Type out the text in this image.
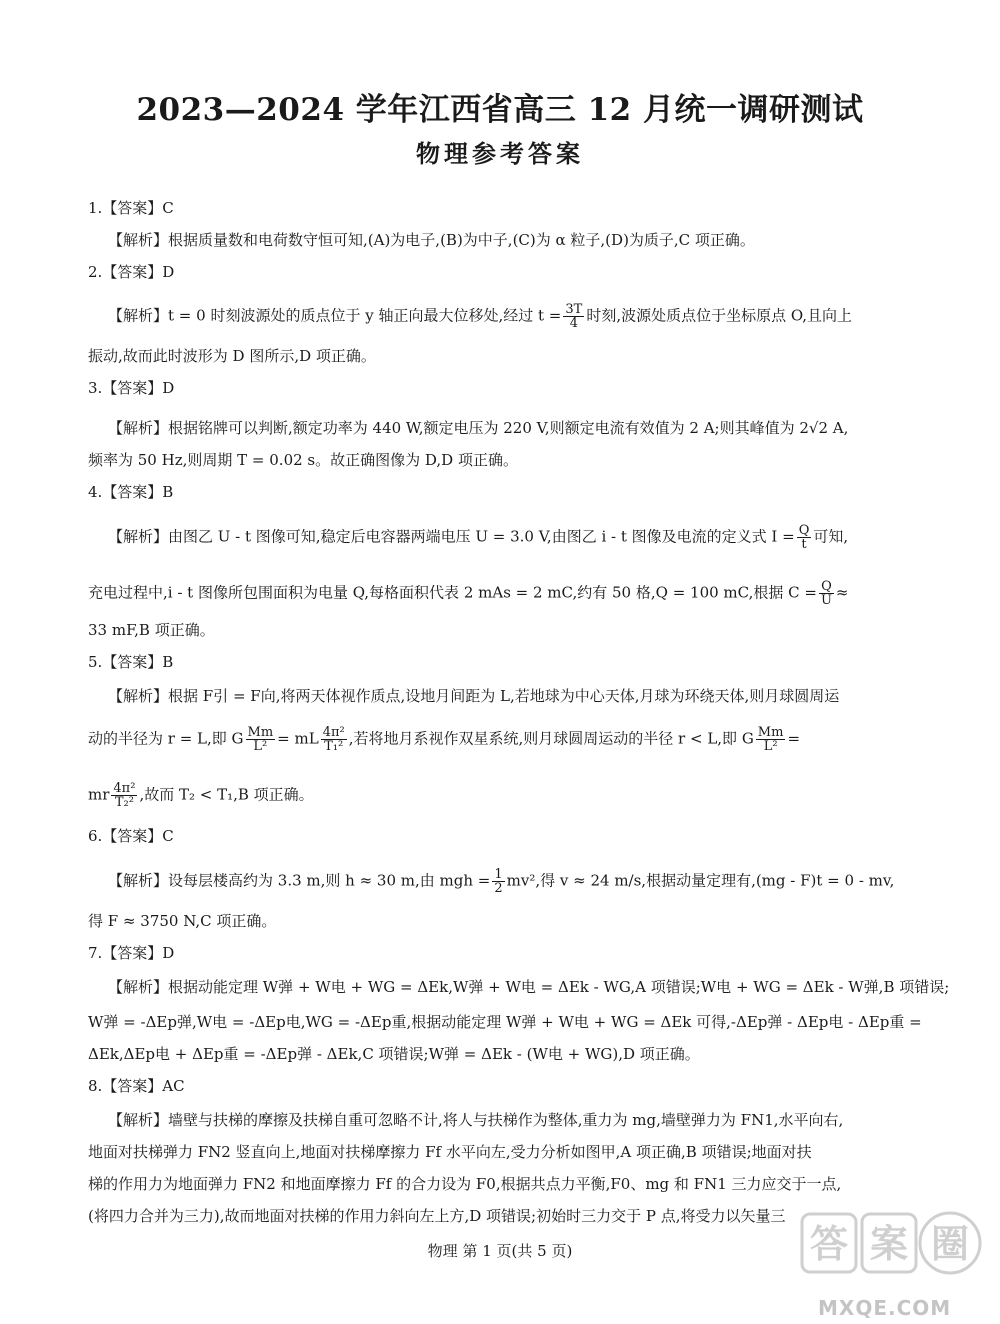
2023—2024 学年江西省高三 12 月统一调研测试
物理参考答案
1.【答案】C
【解析】根据质量数和电荷数守恒可知,(A)为电子,(B)为中子,(C)为 α 粒子,(D)为质子,C 项正确。
2.【答案】D
【解析】t = 0 时刻波源处的质点位于 y 轴正向最大位移处,经过 $t = \frac{3T}{4}$ 时刻,波源处质点位于坐标原点 O,且向上
振动,故而此时波形为 D 图所示,D 项正确。
3.【答案】D
【解析】根据铭牌可以判断,额定功率为 440 W,额定电压为 220 V,则额定电流有效值为 2 A;则其峰值为 2√2 A,
频率为 50 Hz,则周期 T = 0.02 s。故正确图像为 D,D 项正确。
4.【答案】B
【解析】由图乙 U - t 图像可知,稳定后电容器两端电压 U = 3.0 V,由图乙 i - t 图像及电流的定义式 $I = \frac{Q}{t}$ 可知,
充电过程中,i - t 图像所包围面积为电量 Q,每格面积代表 2 mAs = 2 mC,约有 50 格,Q = 100 mC,根据 $C = \frac{Q}{U}$ ≈
33 mF,B 项正确。
5.【答案】B
【解析】根据 F引 = F向,将两天体视作质点,设地月间距为 L,若地球为中心天体,月球为环绕天体,则月球圆周运
动的半径为 r = L,即 G $\frac{Mm}{\text{L²}}$ = mL $\frac{\text{4π²}}{\text{T₁²}}$ ,若将地月系视作双星系统,则月球圆周运动的半径 r < L,即 G $\frac{Mm}{\text{L²}}$ =
mr $\frac{\text{4π²}}{\text{T₂²}}$ ,故而 T₂ < T₁,B 项正确。
6.【答案】C
【解析】设每层楼高约为 3.3 m,则 h ≈ 30 m,由 mgh = $\frac{1}{2} mv^2$,得 v ≈ 24 m/s,根据动量定理有,(mg - F)t = 0 - mv,
得 F ≈ 3750 N,C 项正确。
7.【答案】D
【解析】根据动能定理 W弹 + W电 + WG = ΔEk,W弹 + W电 = ΔEk - WG,A 项错误;W电 + WG = ΔEk - W弹,B 项错误;
W弹 = -ΔEp弹,W电 = -ΔEp电,WG = -ΔEp重,根据动能定理 W弹 + W电 + WG = ΔEk 可得,-ΔEp弹 - ΔEp电 - ΔEp重 =
ΔEk,ΔEp电 + ΔEp重 = -ΔEp弹 - ΔEk,C 项错误;W弹 = ΔEk - (W电 + WG),D 项正确。
8.【答案】AC
【解析】墙壁与扶梯的摩擦及扶梯自重可忽略不计,将人与扶梯作为整体,重力为 mg,墙壁弹力为 FN1,水平向右,
地面对扶梯弹力 FN2 竖直向上,地面对扶梯摩擦力 Ff 水平向左,受力分析如图甲,A 项正确,B 项错误;地面对扶
梯的作用力为地面弹力 FN2 和地面摩擦力 Ff 的合力设为 F0,根据共点力平衡,F0、mg 和 FN1 三力应交于一点,
(将四力合并为三力),故而地面对扶梯的作用力斜向左上方,D 项错误;初始时三力交于 P 点,将受力以矢量三
物理 第 1 页(共 5 页)	答 案 圈
MXQE.COM
